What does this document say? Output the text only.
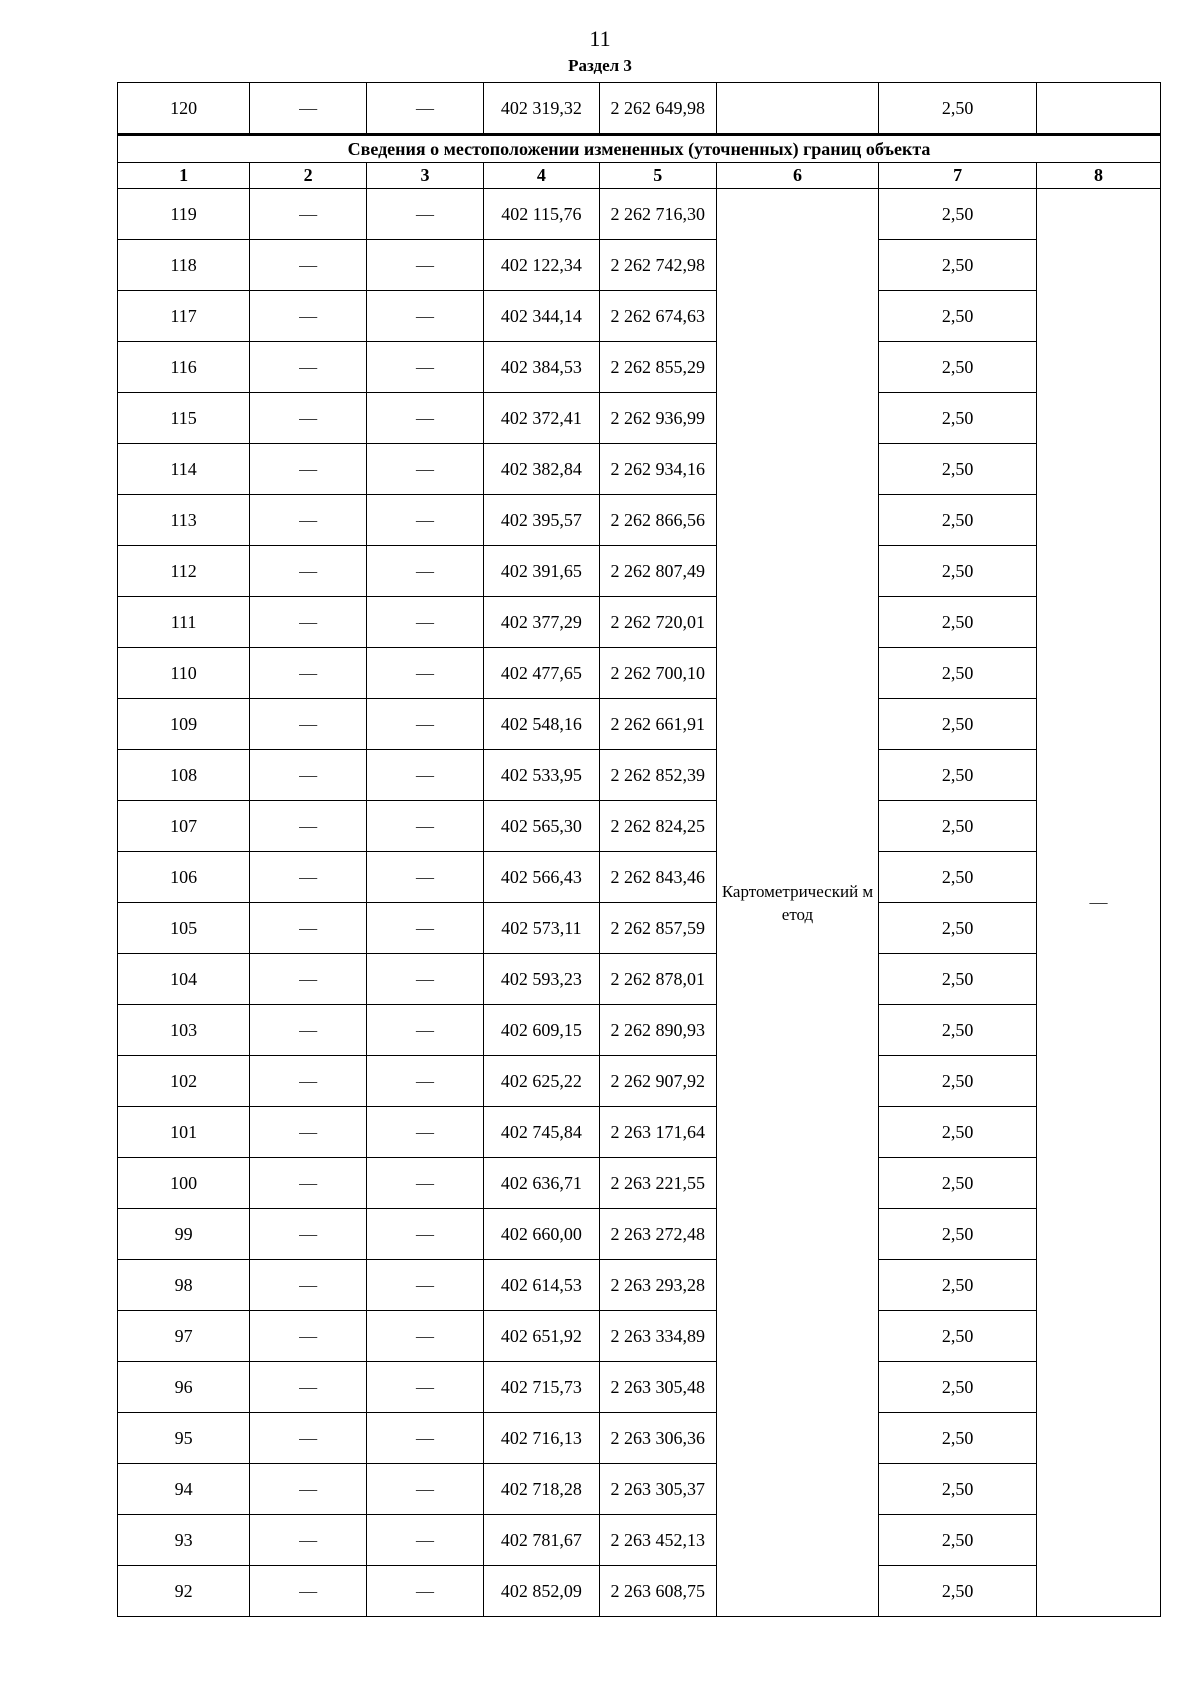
11
Раздел 3
120	—	—	402 319,32	2 262 649,98		2,50	
Сведения о местоположении измененных (уточненных) границ объекта							
1	2	3	4	5	6	7	8
119	—	—	402 115,76	2 262 716,30	Картометрический метод	2,50	—
118	—	—	402 122,34	2 262 742,98		2,50	
117	—	—	402 344,14	2 262 674,63		2,50	
116	—	—	402 384,53	2 262 855,29		2,50	
115	—	—	402 372,41	2 262 936,99		2,50	
114	—	—	402 382,84	2 262 934,16		2,50	
113	—	—	402 395,57	2 262 866,56		2,50	
112	—	—	402 391,65	2 262 807,49		2,50	
111	—	—	402 377,29	2 262 720,01		2,50	
110	—	—	402 477,65	2 262 700,10		2,50	
109	—	—	402 548,16	2 262 661,91		2,50	
108	—	—	402 533,95	2 262 852,39		2,50	
107	—	—	402 565,30	2 262 824,25		2,50	
106	—	—	402 566,43	2 262 843,46		2,50	
105	—	—	402 573,11	2 262 857,59		2,50	
104	—	—	402 593,23	2 262 878,01		2,50	
103	—	—	402 609,15	2 262 890,93		2,50	
102	—	—	402 625,22	2 262 907,92		2,50	
101	—	—	402 745,84	2 263 171,64		2,50	
100	—	—	402 636,71	2 263 221,55		2,50	
99	—	—	402 660,00	2 263 272,48		2,50	
98	—	—	402 614,53	2 263 293,28		2,50	
97	—	—	402 651,92	2 263 334,89		2,50	
96	—	—	402 715,73	2 263 305,48		2,50	
95	—	—	402 716,13	2 263 306,36		2,50	
94	—	—	402 718,28	2 263 305,37		2,50	
93	—	—	402 781,67	2 263 452,13		2,50	
92	—	—	402 852,09	2 263 608,75		2,50	
